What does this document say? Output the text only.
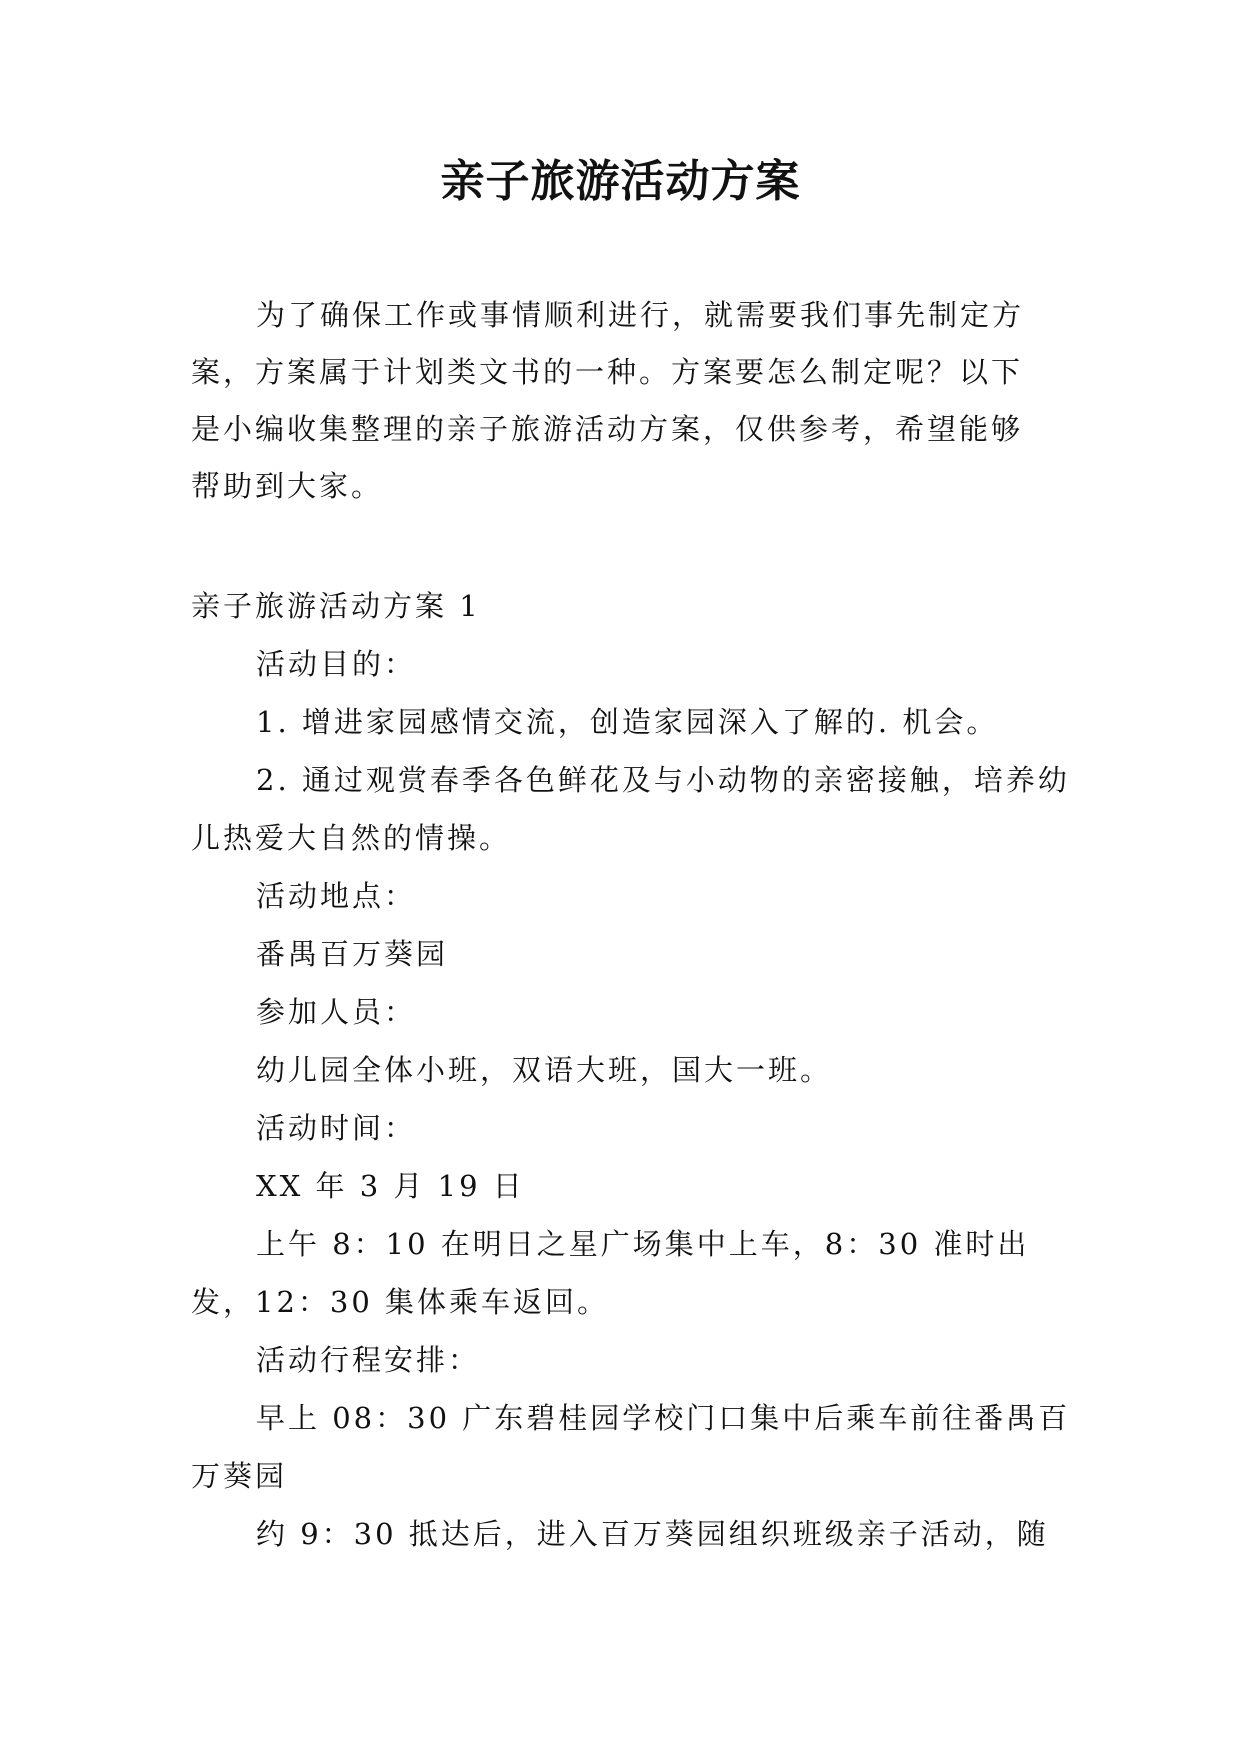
亲子旅游活动方案

为了确保工作或事情顺利进行，就需要我们事先制定方案，方案属于计划类文书的一种。方案要怎么制定呢？以下是小编收集整理的亲子旅游活动方案，仅供参考，希望能够帮助到大家。

亲子旅游活动方案 1

活动目的：

1. 增进家园感情交流，创造家园深入了解的. 机会。

2. 通过观赏春季各色鲜花及与小动物的亲密接触，培养幼儿热爱大自然的情操。

活动地点：

番禺百万葵园

参加人员：

幼儿园全体小班，双语大班，国大一班。

活动时间：

XX 年 3 月 19 日

上午 8：10 在明日之星广场集中上车，8：30 准时出发，12：30 集体乘车返回。

活动行程安排：

早上 08：30 广东碧桂园学校门口集中后乘车前往番禺百万葵园

约 9：30 抵达后，进入百万葵园组织班级亲子活动，随
